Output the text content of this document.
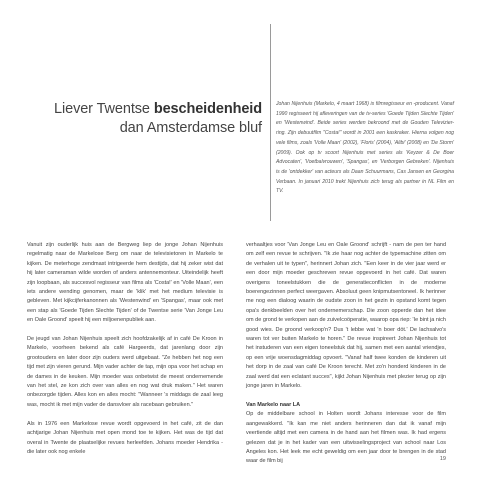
Liever Twentse bescheidenheid
dan Amsterdamse bluf
Johan Nijenhuis (Markelo, 4 maart 1968) is filmregisseur en -producent. Vanaf 1990 regisseert hij afleveringen van de tv-series 'Goede Tijden Slechte Tijden' en 'Westenwind'. Beide series werden bekroond met de Gouden Televizier-ring. Zijn debuutfilm "Costa!" wordt in 2001 een kaskraker. Hierna volgen nog vele films, zoals 'Volle Maan' (2002), 'Floris' (2004), 'Alibi' (2008) en 'De Storm' (2009). Ook op tv scoort Nijenhuis met series als 'Keyzer & De Boer Advocaten', 'Voetbalvrouwen', 'Spangas', en 'Verborgen Gebreken'. Nijenhuis is de 'ontdekker' van acteurs als Daan Schuurmans, Cas Jansen en Georgina Verbaan. In januari 2010 trekt Nijenhuis zich terug als partner in NL Film en TV.

Vanuit zijn ouderlijk huis aan de Bergweg liep de jonge Johan Nijenhuis regelmatig naar de Markelose Berg om naar de televisietoren in Markelo te kijken. De meterhoge zendmast intrigeerde hem destijds, dat hij zeker wist dat hij later cameraman wilde worden of anders antennemonteur. Uiteindelijk heeft zijn loopbaan, als succesvol regisseur van films als 'Costa!' en 'Volle Maan', een iets andere wending genomen, maar de 'klik' met het medium televisie is gebleven. Met kijkcijferkanonnen als 'Westenwind' en 'Spangas', maar ook met een stap als 'Goede Tijden Slechte Tijden' of de Twentse serie 'Van Jonge Leu en Oale Groond' speelt hij een miljoenenpubliek aan.

De jeugd van Johan Nijenhuis speelt zich hoofdzakelijk af in café De Kroon in Markelo, voorheen bekend als café Hargeerds, dat jarenlang door zijn grootouders en later door zijn ouders werd uitgebaat. "Ze hebben het nog een tijd met zijn vieren gerund. Mijn vader achter de tap, mijn opa voor het schap en de dames in de keuken. Mijn moeder was onbetwist de meest ondernemende van het stel, ze kon zich over van alles en nog wat druk maken." Het waren onbezorgde tijden. Alles kon en alles mocht: "Wanneer 's middags de zaal leeg was, mocht ik met mijn vader de dansvloer als racebaan gebruiken."

Als in 1976 een Markelose revue wordt opgevoerd in het café, zit de dan achtjarige Johan Nijenhuis met open mond toe te kijken. Het was de tijd dat overal in Twente de plaatselijke revues herleefden. Johans moeder Hendrika - die later ook nog enkele

verhaaltjes voor 'Van Jonge Leu en Oale Groond' schrijft - nam de pen ter hand om zelf een revue te schrijven. "Ik zie haar nog achter de typemachine zitten om de verhalen uit te typen", herinnert Johan zich. "Een keer in de vier jaar werd er een door mijn moeder geschreven revue opgevoerd in het café. Dat waren overigens toneelstukken die de generatieconflicten in de moderne boerengezinnen perfect weergaven. Absoluut geen knipmutsentoneel. Ik herinner me nog een dialoog waarin de oudste zoon in het gezin in opstand komt tegen opa's denkbeelden over het ondernemerschap. Die zoon opperde dan het idee om de grond te verkopen aan de zuivelcoöperatie, waarop opa riep: 'Ie bint ja nich good wies. De groond verkoop'n? Dus 't lebbe wat 'n boer döt.' De lachsalvo's waren tot ver buiten Markelo te horen." De revue inspireert Johan Nijenhuis tot het instuderen van een eigen toneelstuk dat hij, samen met een aantal vriendjes, op een vrije woensdagmiddag opvoert. "Vanaf half twee konden de kinderen uit het dorp in de zaal van café De Kroon terecht. Met zo'n honderd kinderen in de zaal werd dat een eclatant succes", kijkt Johan Nijenhuis met plezier terug op zijn jonge jaren in Markelo.

Van Markelo naar LA

Op de middelbare school in Holten wordt Johans interesse voor de film aangewakkerd. "Ik kan me niet anders herinneren dan dat ik vanaf mijn veertiende altijd met een camera in de hand aan het filmen was. Ik had ergens gelezen dat je in het kader van een uitwisselingsproject van school naar Los Angeles kon. Het leek me echt geweldig om een jaar door te brengen in de stad waar de film bij	19
